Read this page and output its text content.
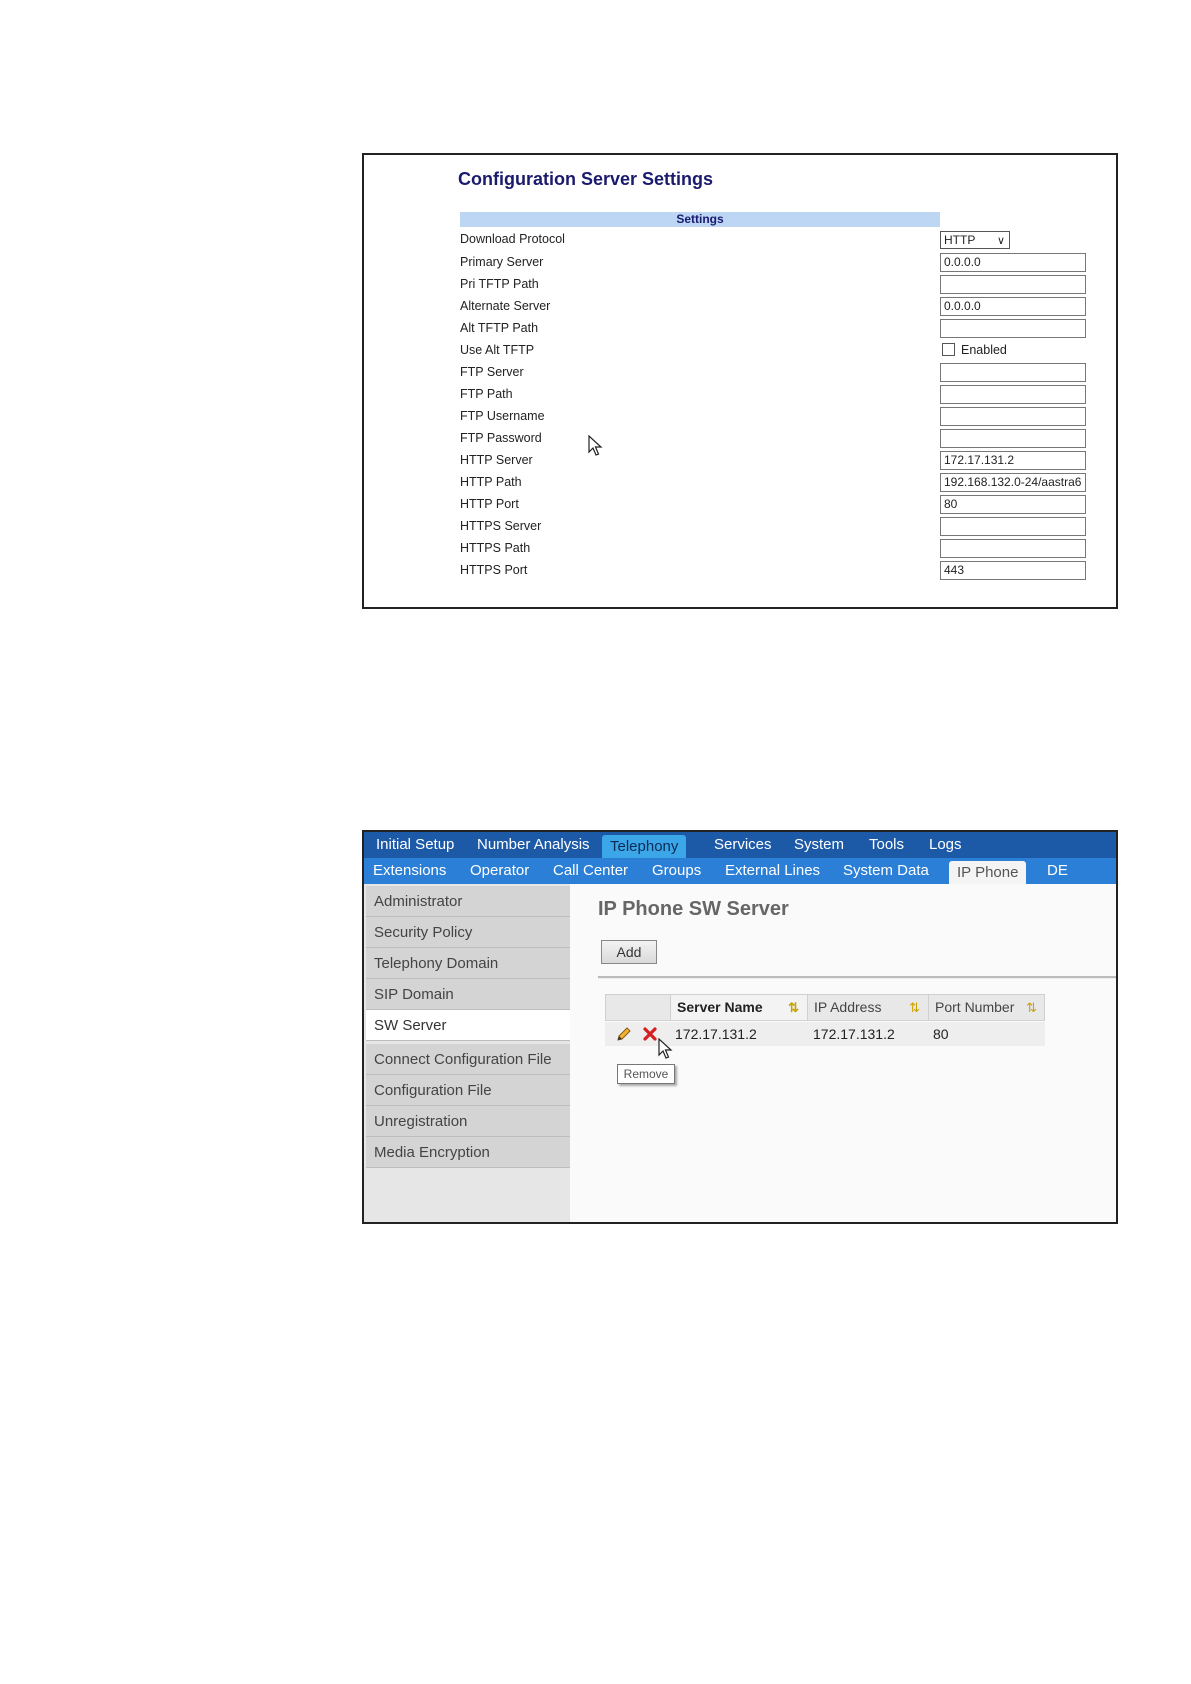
Configuration Server Settings
Settings
Download Protocol	HTTP ∨
Primary Server	0.0.0.0
Pri TFTP Path
Alternate Server	0.0.0.0
Alt TFTP Path
Use Alt TFTP	Enabled
FTP Server
FTP Path
FTP Username
FTP Password
HTTP Server	172.17.131.2
HTTP Path	192.168.132.0-24/aastra6
HTTP Port	80
HTTPS Server
HTTPS Path
HTTPS Port	443
Initial Setup Number Analysis	Telephony	Services System Tools Logs
Extensions Operator Call Center Groups External Lines System Data	IP Phone	DE
Administrator
Security Policy
Telephony Domain
SIP Domain
SW Server
Connect Configuration File
Configuration File
Unregistration
Media Encryption
IP Phone SW Server
Add
Server Name ⇅	IP Address ⇅	Port Number ⇅
172.17.131.2	172.17.131.2	80
Remove
